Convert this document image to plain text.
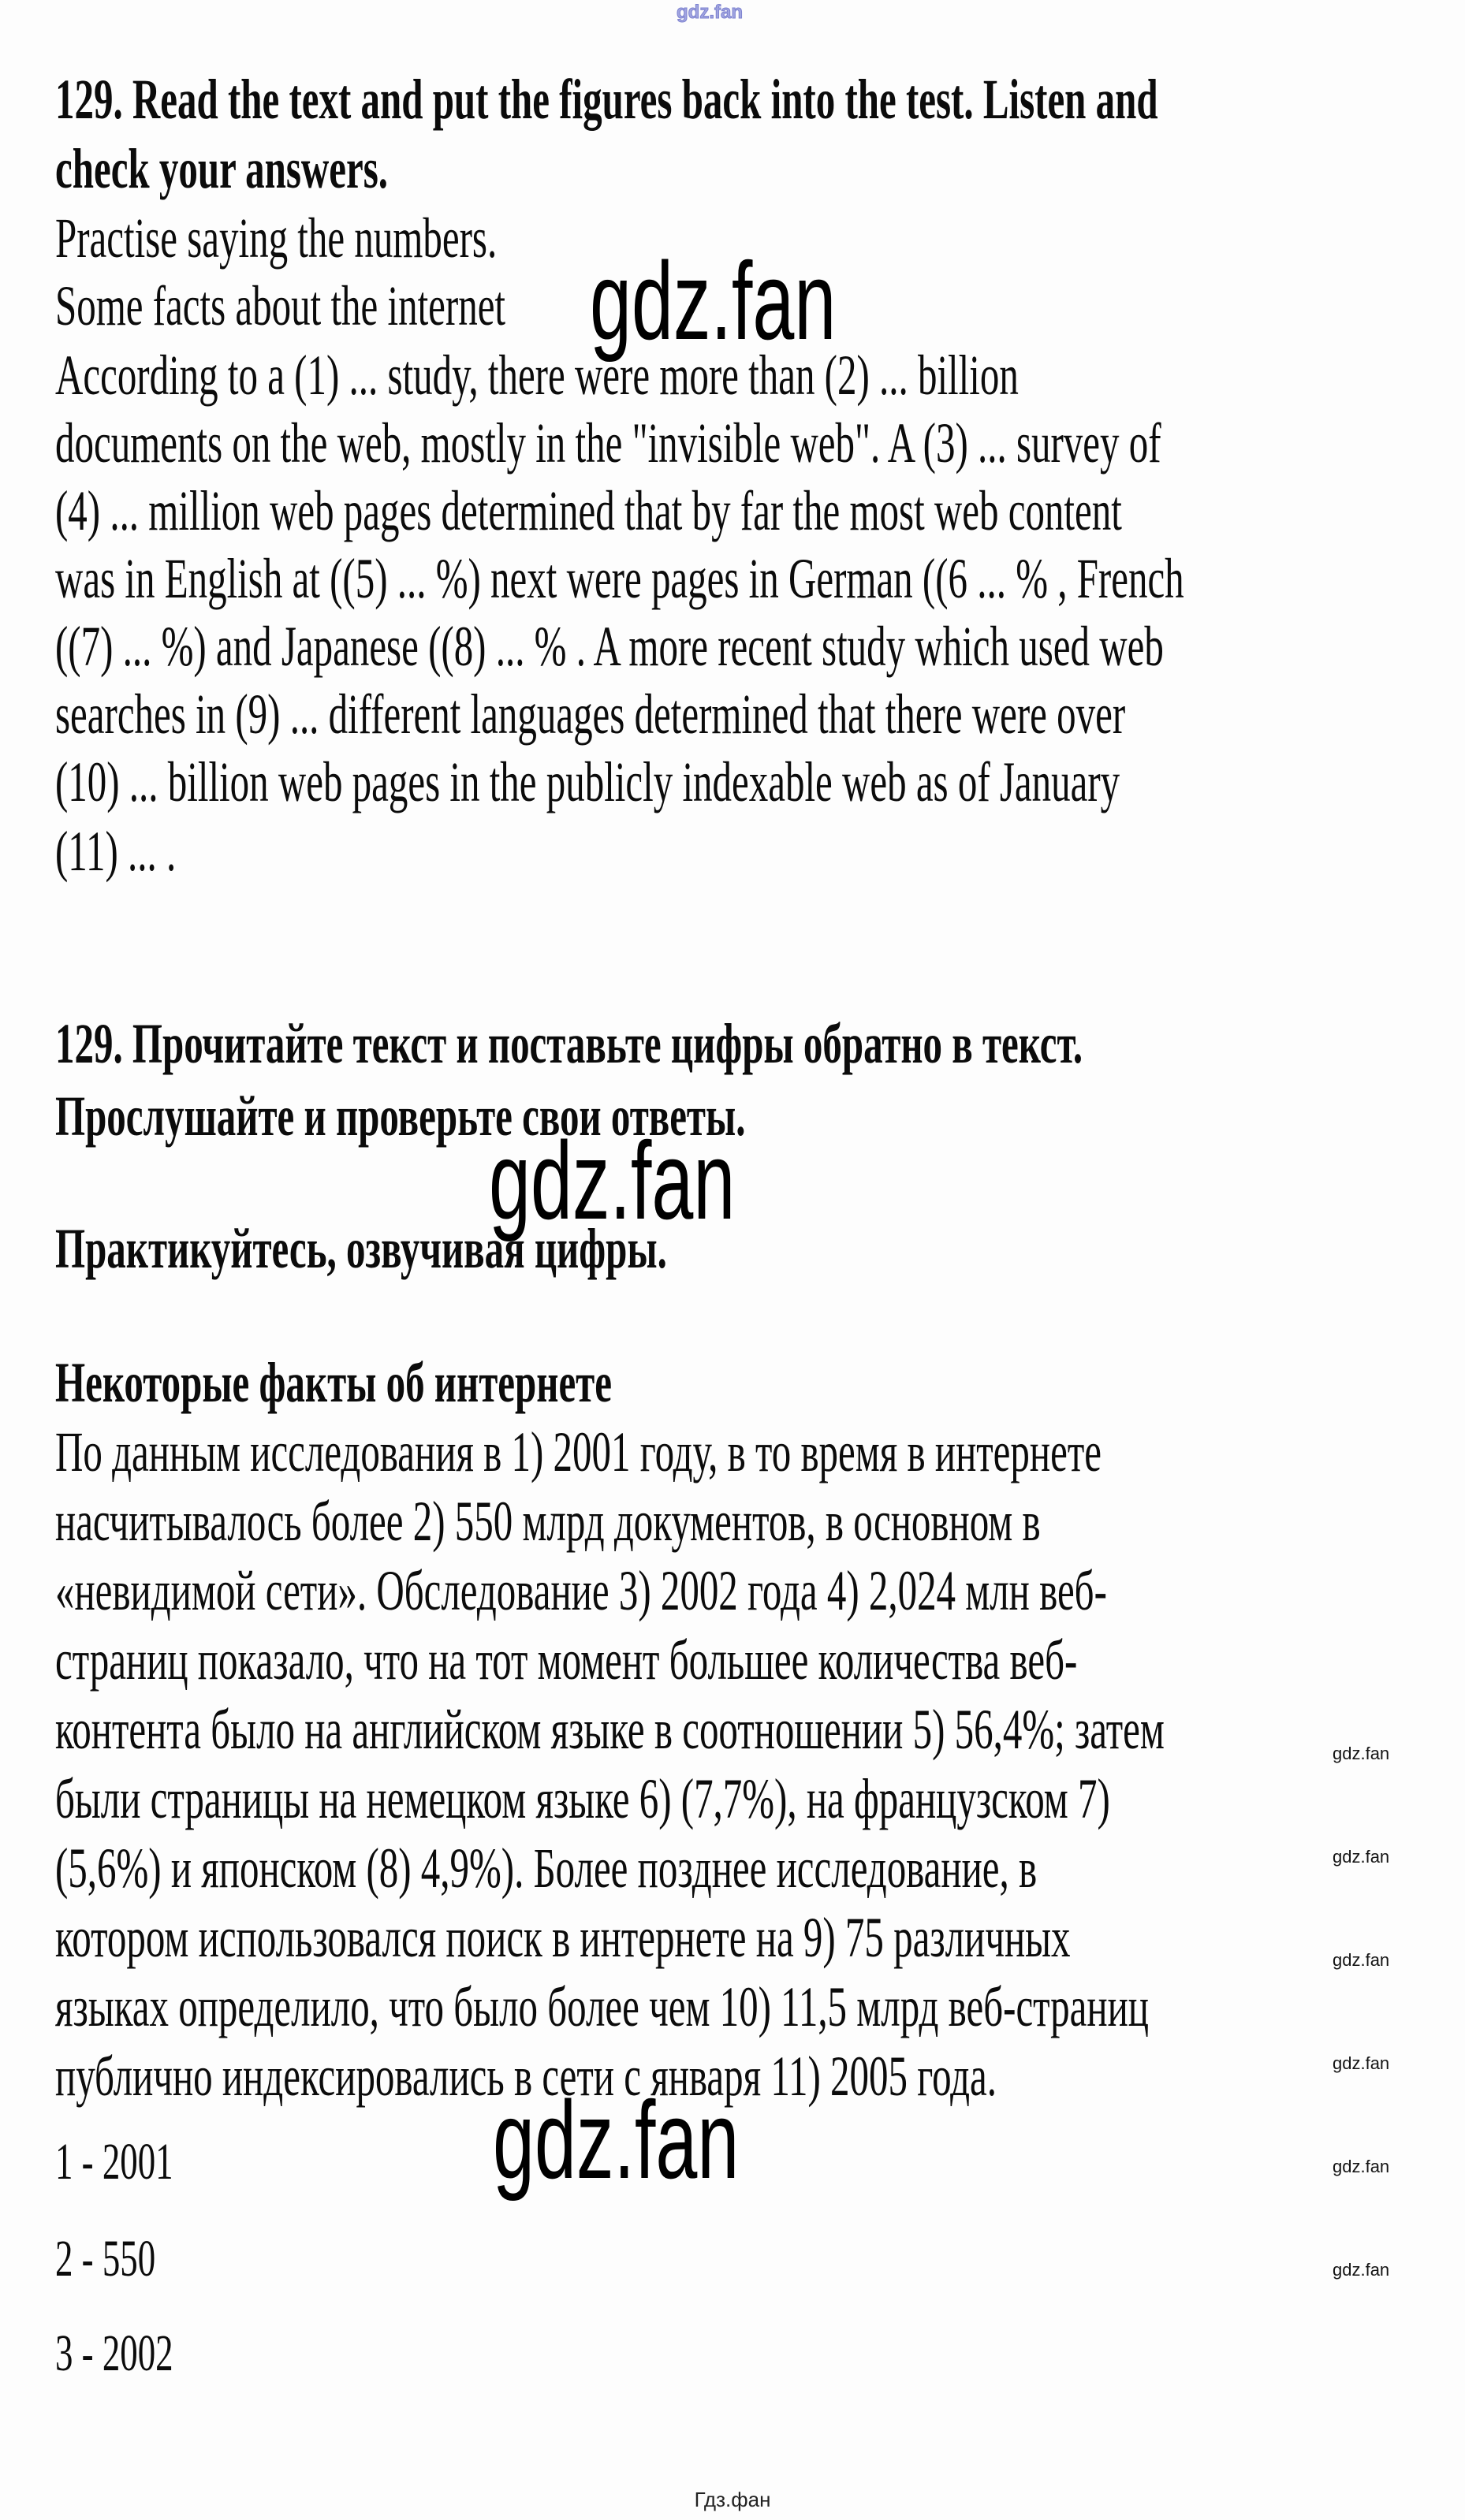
gdz.fan
129. Read the text and put the figures back into the test. Listen and
check your answers.
Practise saying the numbers.
Some facts about the internet gdz.fan
According to a (1) ... study, there were more than (2) ... billion
documents on the web, mostly in the "invisible web". A (3) ... survey of
(4) ... million web pages determined that by far the most web content
was in English at ((5) ... %) next were pages in German ((6 ... % , French
((7) ... %) and Japanese ((8) ... % . A more recent study which used web
searches in (9) ... different languages determined that there were over
(10) ... billion web pages in the publicly indexable web as of January
(11) ... .
129. Прочитайте текст и поставьте цифры обратно в текст.
Прослушайте и проверьте свои ответы.
gdz.fan
Практикуйтесь, озвучивая цифры.
Некоторые факты об интернете
По данным исследования в 1) 2001 году, в то время в интернете
насчитывалось более 2) 550 млрд документов, в основном в
«невидимой сети». Обследование 3) 2002 года 4) 2,024 млн веб-
страниц показало, что на тот момент большее количества веб-
контента было на английском языке в соотношении 5) 56,4%; затем
были страницы на немецком языке 6) (7,7%), на французском 7)
(5,6%) и японском (8) 4,9%). Более позднее исследование, в
котором использовался поиск в интернете на 9) 75 различных
языках определило, что было более чем 10) 11,5 млрд веб-страниц
публично индексировались в сети с января 11) 2005 года.
gdz.fan
gdz.fan
gdz.fan
gdz.fan
gdz.fan
gdz.fan
gdz.fan
1 - 2001
2 - 550
3 - 2002
Гдз.фан
